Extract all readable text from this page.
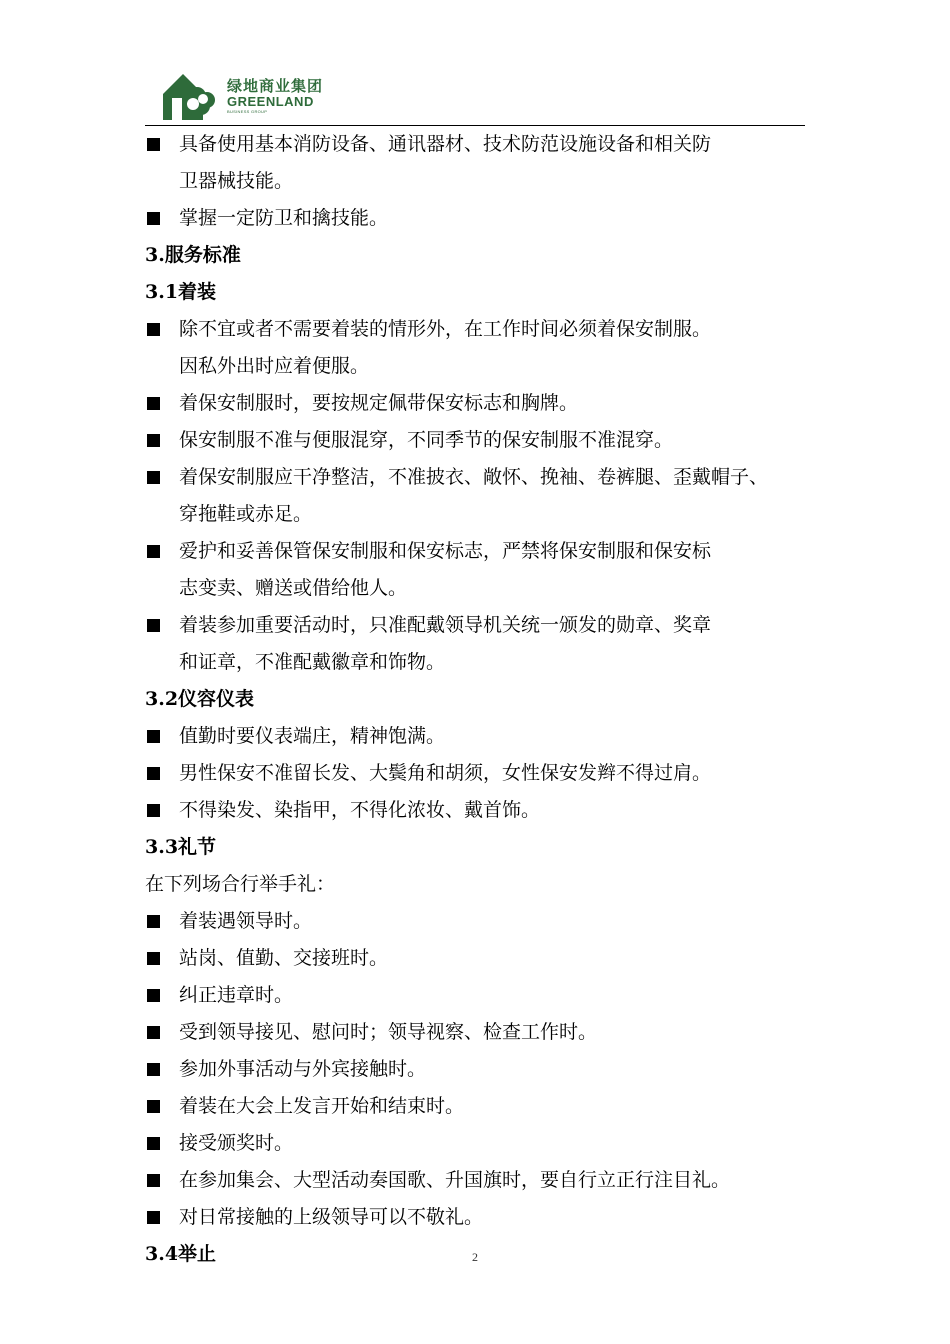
绿地商业集团
GREENLAND
BUSINESS GROUP
具备使用基本消防设备、通讯器材、技术防范设施设备和相关防
卫器械技能。
掌握一定防卫和擒技能。
3.服务标准
3.1着装
除不宜或者不需要着装的情形外，在工作时间必须着保安制服。
因私外出时应着便服。
着保安制服时，要按规定佩带保安标志和胸牌。
保安制服不准与便服混穿，不同季节的保安制服不准混穿。
着保安制服应干净整洁，不准披衣、敞怀、挽袖、卷裤腿、歪戴帽子、
穿拖鞋或赤足。
爱护和妥善保管保安制服和保安标志，严禁将保安制服和保安标
志变卖、赠送或借给他人。
着装参加重要活动时，只准配戴领导机关统一颁发的勋章、奖章
和证章，不准配戴徽章和饰物。
3.2仪容仪表
值勤时要仪表端庄，精神饱满。
男性保安不准留长发、大鬓角和胡须，女性保安发辫不得过肩。
不得染发、染指甲，不得化浓妆、戴首饰。
3.3礼节
在下列场合行举手礼：
着装遇领导时。
站岗、值勤、交接班时。
纠正违章时。
受到领导接见、慰问时；领导视察、检查工作时。
参加外事活动与外宾接触时。
着装在大会上发言开始和结束时。
接受颁奖时。
在参加集会、大型活动奏国歌、升国旗时，要自行立正行注目礼。
对日常接触的上级领导可以不敬礼。
3.4举止	2
